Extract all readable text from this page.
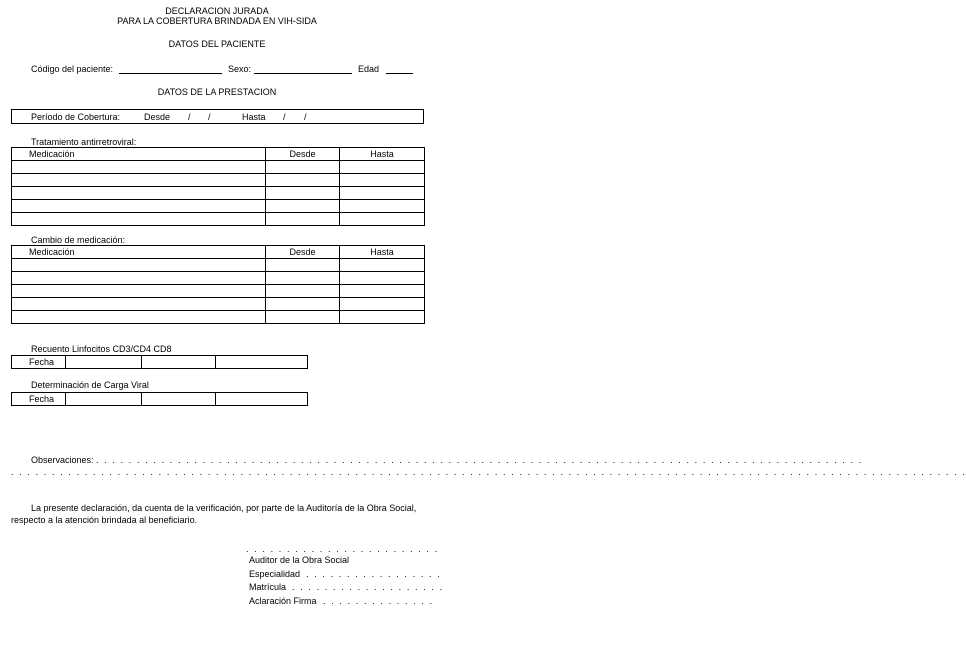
DECLARACION JURADA
PARA LA COBERTURA BRINDADA EN VIH-SIDA
DATOS DEL PACIENTE
Código del paciente:	Sexo:	Edad
DATOS DE LA PRESTACION
Período de Cobertura:	Desde / /	Hasta / /
Tratamiento antirretroviral:
Medicación	Desde	Hasta

Cambio de medicación:
Medicación	Desde	Hasta

Recuento Linfocitos CD3/CD4 CD8
Fecha			
Determinación de Carga Viral
Fecha			
Observaciones: . . . . . . . . . . . . . . . . . . . . . . . . . . . . . . . . . . . . . . . . . . . . . . . . . . . . . . . . . . . . . . . . . . . . . . . . . . . . . . . . . . . . . . . . . . . . . .
. . . . . . . . . . . . . . . . . . . . . . . . . . . . . . . . . . . . . . . . . . . . . . . . . . . . . . . . . . . . . . . . . . . . . . . . . . . . . . . . . . . . . . . . . . . . . . . . . . . . . . . . . . . . . . . . . . . . .
La presente declaración, da cuenta de la verificación, por parte de la Auditoría de la Obra Social,
respecto a la atención brindada al beneficiario.
. . . . . . . . . . . . . . . . . . . . . . . .
Auditor de la Obra Social
Especialidad . . . . . . . . . . . . . . . . .
Matrícula . . . . . . . . . . . . . . . . . . .
Aclaración Firma . . . . . . . . . . . . . .
